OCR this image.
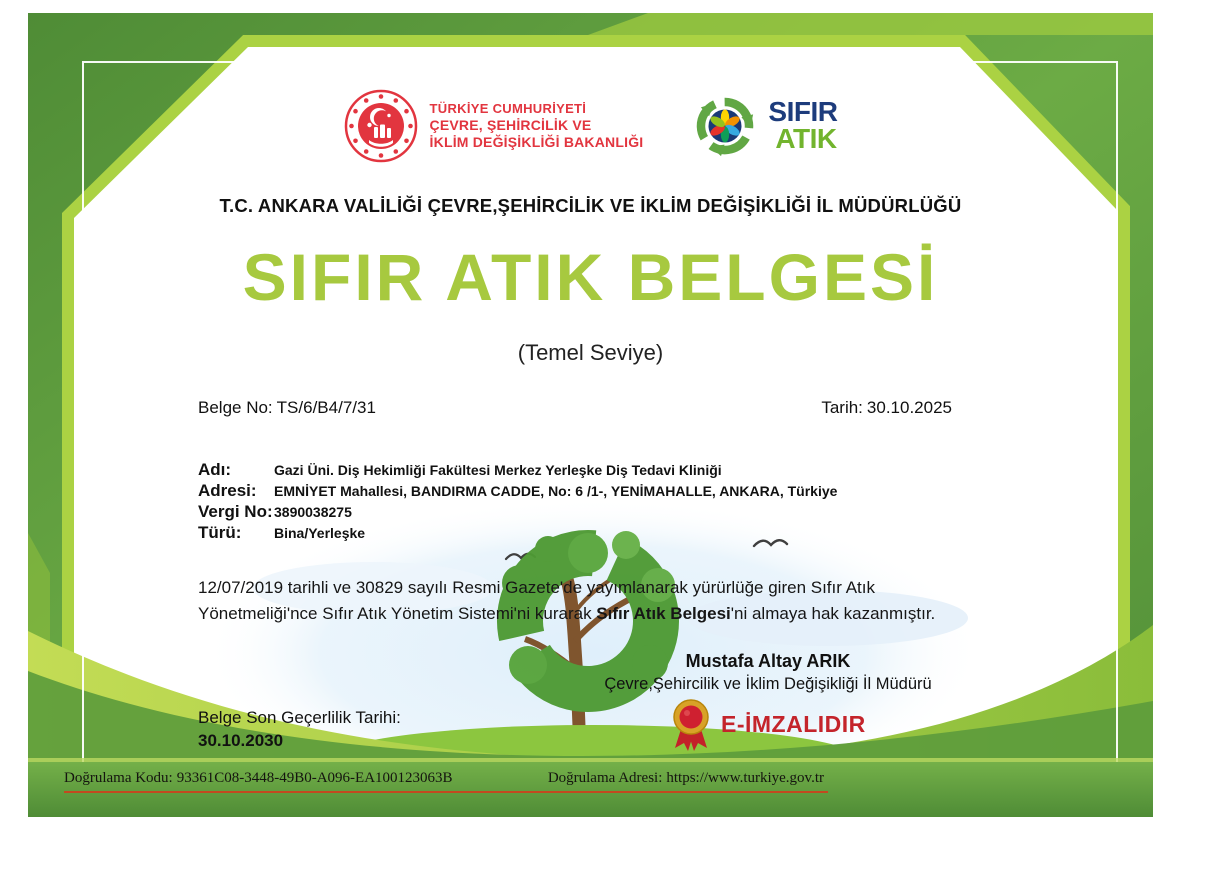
TÜRKİYE CUMHURİYETİ
ÇEVRE, ŞEHİRCİLİK VE
İKLİM DEĞİŞİKLİĞİ BAKANLIĞI
SIFIR
ATIK
T.C. ANKARA VALİLİĞİ ÇEVRE,ŞEHİRCİLİK VE İKLİM DEĞİŞİKLİĞİ İL MÜDÜRLÜĞÜ
SIFIR ATIK BELGESİ
(Temel Seviye)
Belge No: TS/6/B4/7/31	Tarih: 30.10.2025
Adı:	Gazi Üni. Diş Hekimliği Fakültesi Merkez Yerleşke Diş Tedavi Kliniği
Adresi:	EMNİYET Mahallesi, BANDIRMA CADDE, No: 6 /1-, YENİMAHALLE, ANKARA, Türkiye
Vergi No: 3890038275
Türü:	Bina/Yerleşke
12/07/2019 tarihli ve 30829 sayılı Resmi Gazete'de yayımlanarak yürürlüğe giren Sıfır Atık Yönetmeliği'nce Sıfır Atık Yönetim Sistemi'ni kurarak Sıfır Atık Belgesi'ni almaya hak kazanmıştır.
Mustafa Altay ARIK
Çevre,Şehircilik ve İklim Değişikliği İl Müdürü
E-İMZALIDIR
Belge Son Geçerlilik Tarihi:
30.10.2030
Doğrulama Kodu: 93361C08-3448-49B0-A096-EA100123063B	Doğrulama Adresi: https://www.turkiye.gov.tr
